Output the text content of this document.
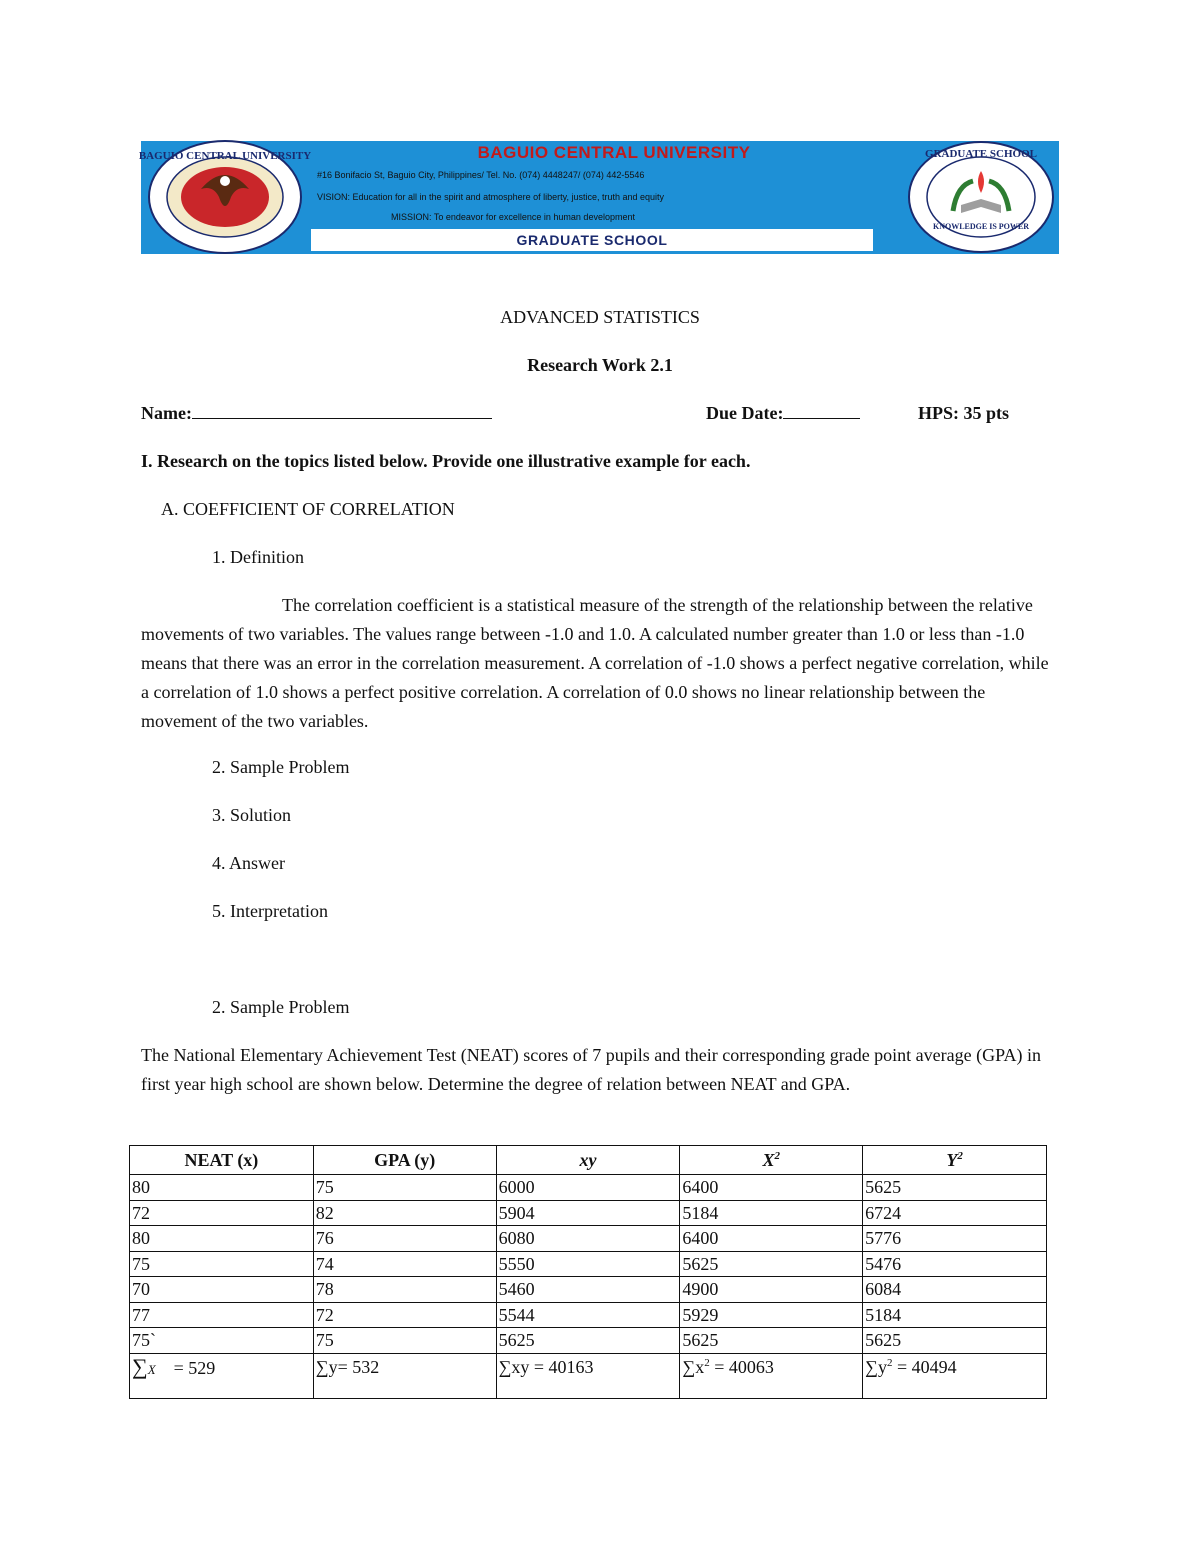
BAGUIO CENTRAL UNIVERSITY	BAGUIO CENTRAL UNIVERSITY
#16 Bonifacio St, Baguio City, Philippines/ Tel. No. (074) 4448247/ (074) 442-5546
VISION: Education for all in the spirit and atmosphere of liberty, justice, truth and equity
MISSION: To endeavor for excellence in human development
GRADUATE SCHOOL
GRADUATE SCHOOL
KNOWLEDGE IS POWER
ADVANCED STATISTICS
Research Work 2.1
Name:	Due Date:	HPS: 35 pts
I. Research on the topics listed below. Provide one illustrative example for each.
A. COEFFICIENT OF CORRELATION
1. Definition
The correlation coefficient is a statistical measure of the strength of the relationship between the relative movements of two variables. The values range between -1.0 and 1.0. A calculated number greater than 1.0 or less than -1.0 means that there was an error in the correlation measurement. A correlation of -1.0 shows a perfect negative correlation, while a correlation of 1.0 shows a perfect positive correlation. A correlation of 0.0 shows no linear relationship between the movement of the two variables.
2. Sample Problem
3. Solution
4. Answer
5. Interpretation
2. Sample Problem
The National Elementary Achievement Test (NEAT) scores of 7 pupils and their corresponding grade point average (GPA) in first year high school are shown below. Determine the degree of relation between NEAT and GPA.
NEAT (x)	GPA (y)	xy	$X^2$	$Y^2$
80	75	6000	6400	5625
72	82	5904	5184	6724
80	76	6080	6400	5776
75	74	5550	5625	5476
70	78	5460	4900	6084
77	72	5544	5929	5184
75`	75	5625	5625	5625
∑X = 529	∑y= 532	∑xy = 40163	$\sum x^2 = 40063$	$\sum y^2 = 40494$
